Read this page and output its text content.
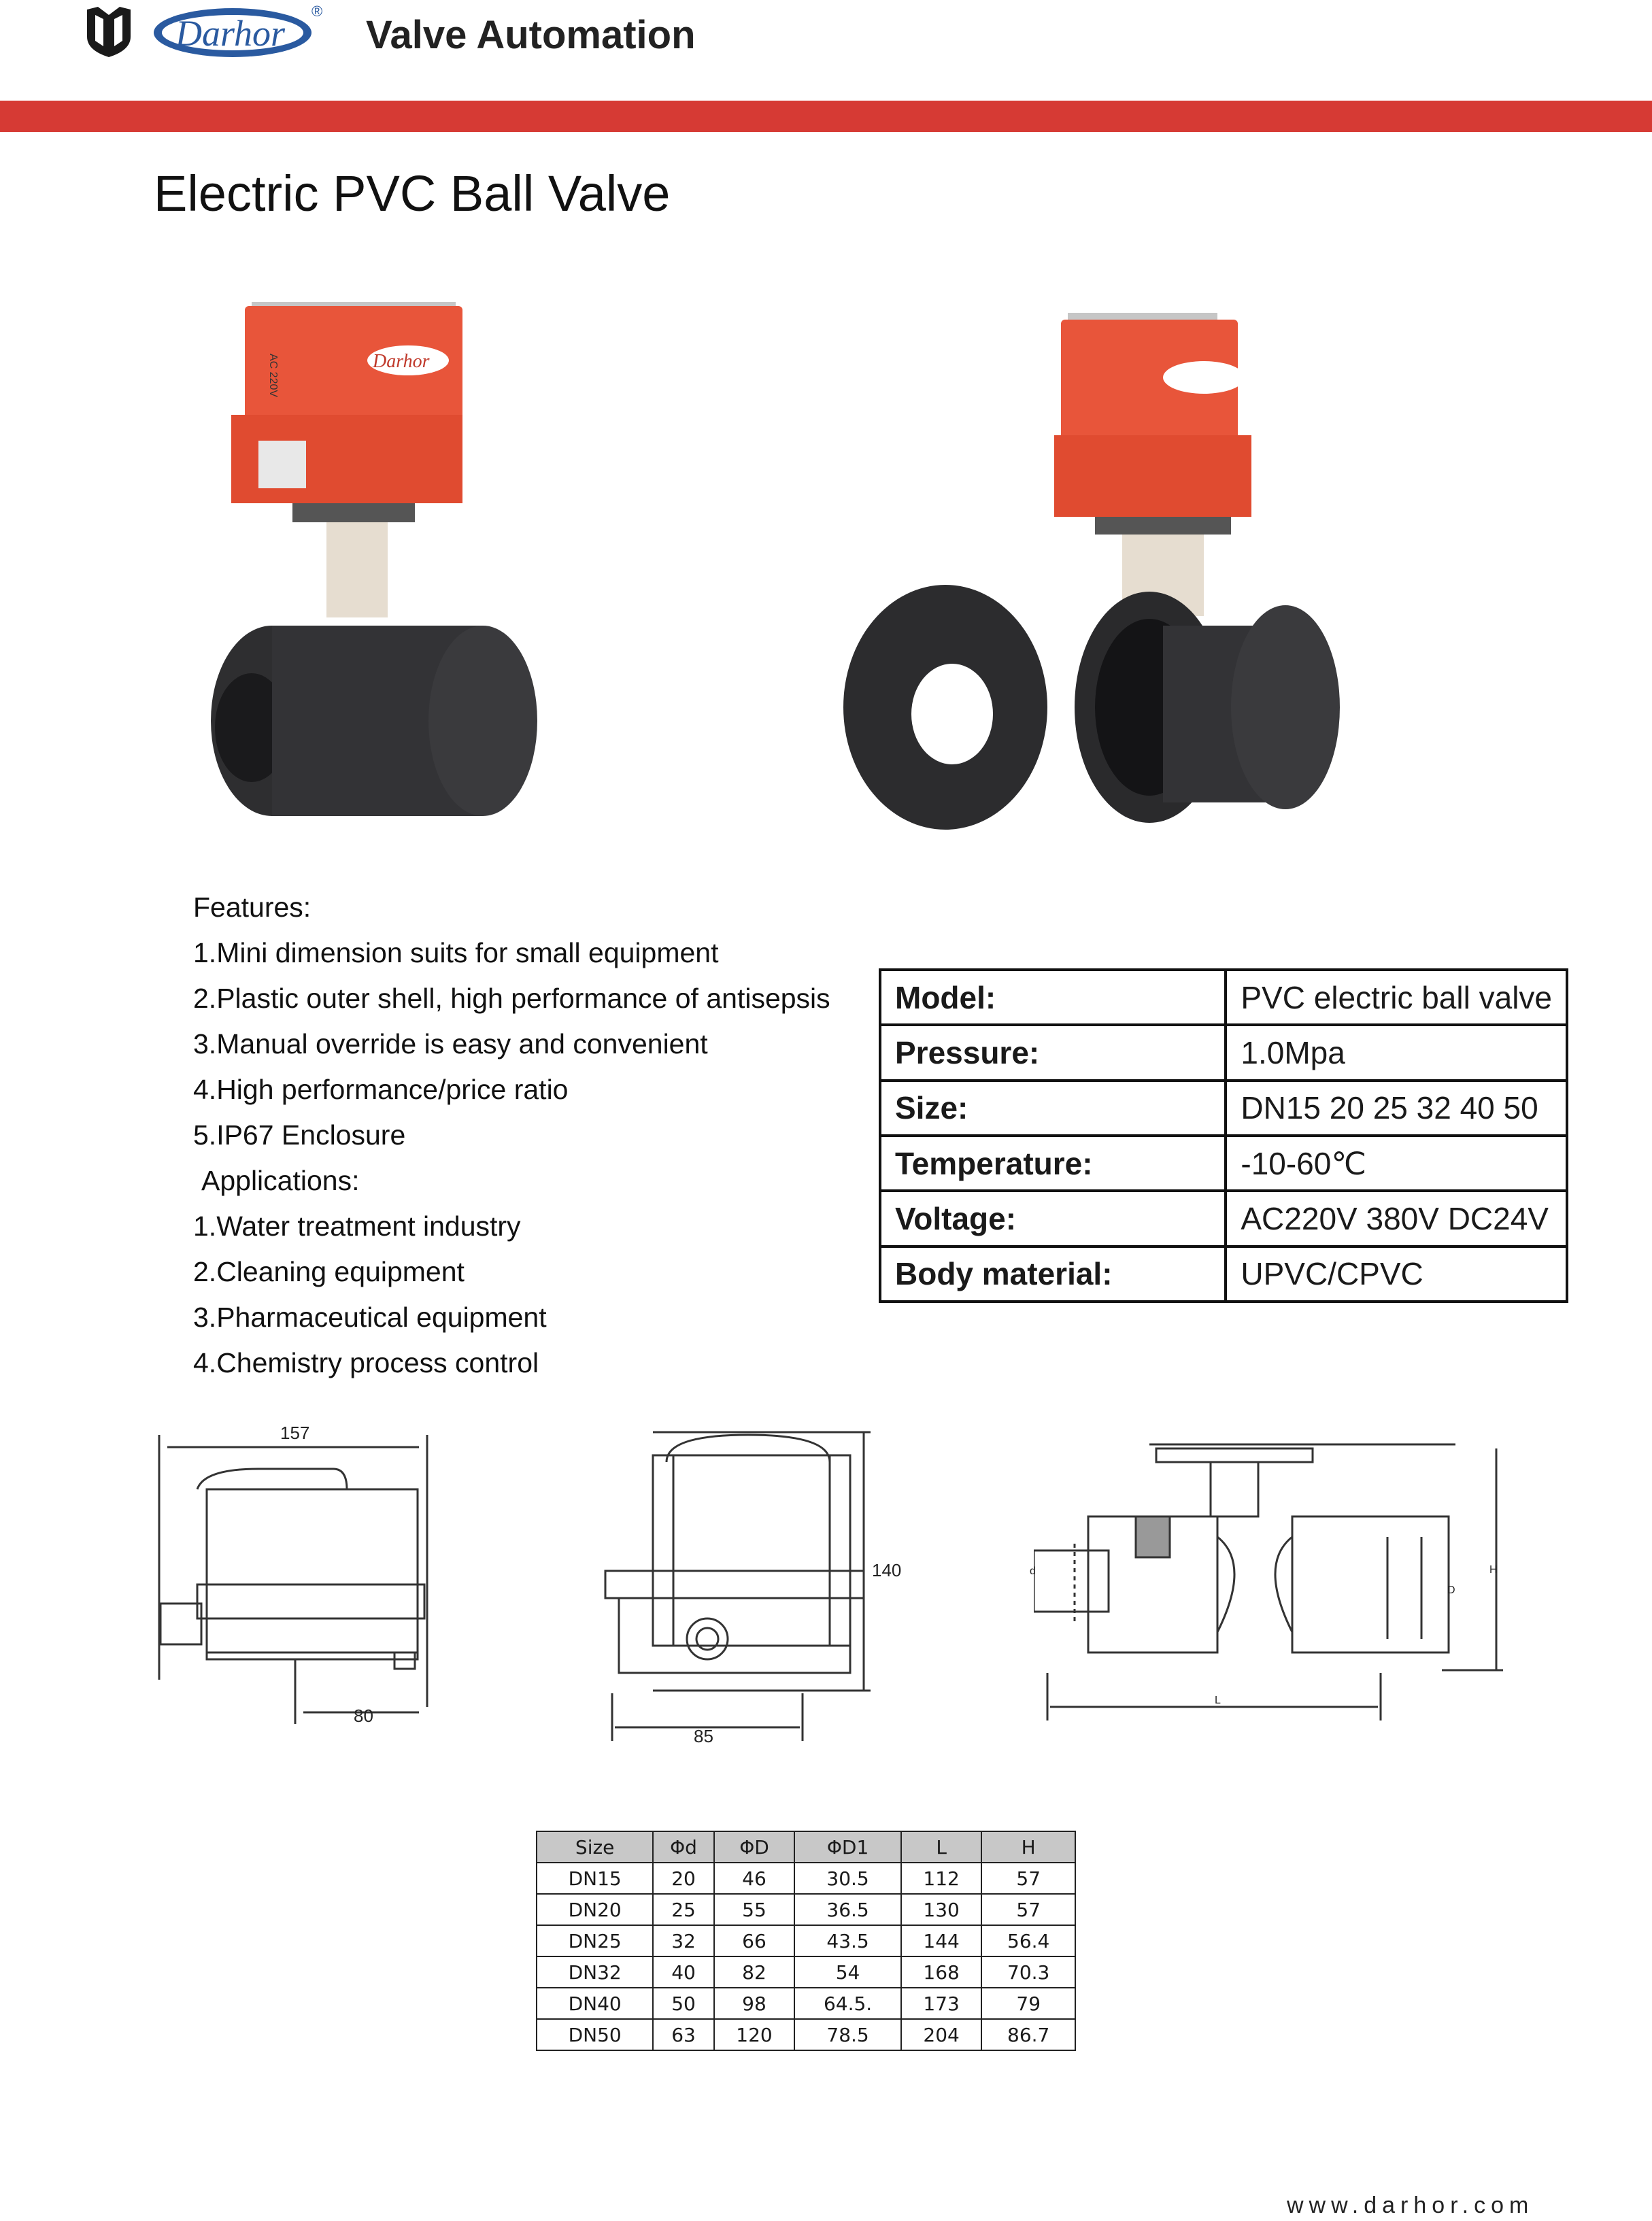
Darhor
®
Valve Automation
Electric PVC Ball Valve
AC 220V	Darhor
Features:
1.Mini dimension suits for small equipment
2.Plastic outer shell, high performance of antisepsis
3.Manual override is easy and convenient
4.High performance/price ratio
5.IP67 Enclosure
Applications:
1.Water treatment industry
2.Cleaning equipment
3.Pharmaceutical equipment
4.Chemistry process control
Model:	PVC electric ball valve
Pressure:	1.0Mpa
Size:	DN15 20 25 32 40 50
Temperature:	-10-60℃
Voltage:	AC220V 380V DC24V
Body material:	UPVC/CPVC
157
80
140
85
d
D
H
L
Size	Φd	ΦD	ΦD1	L	H
DN15	20	46	30.5	112	57
DN20	25	55	36.5	130	57
DN25	32	66	43.5	144	56.4
DN32	40	82	54	168	70.3
DN40	50	98	64.5.	173	79
DN50	63	120	78.5	204	86.7
www.darhor.com
